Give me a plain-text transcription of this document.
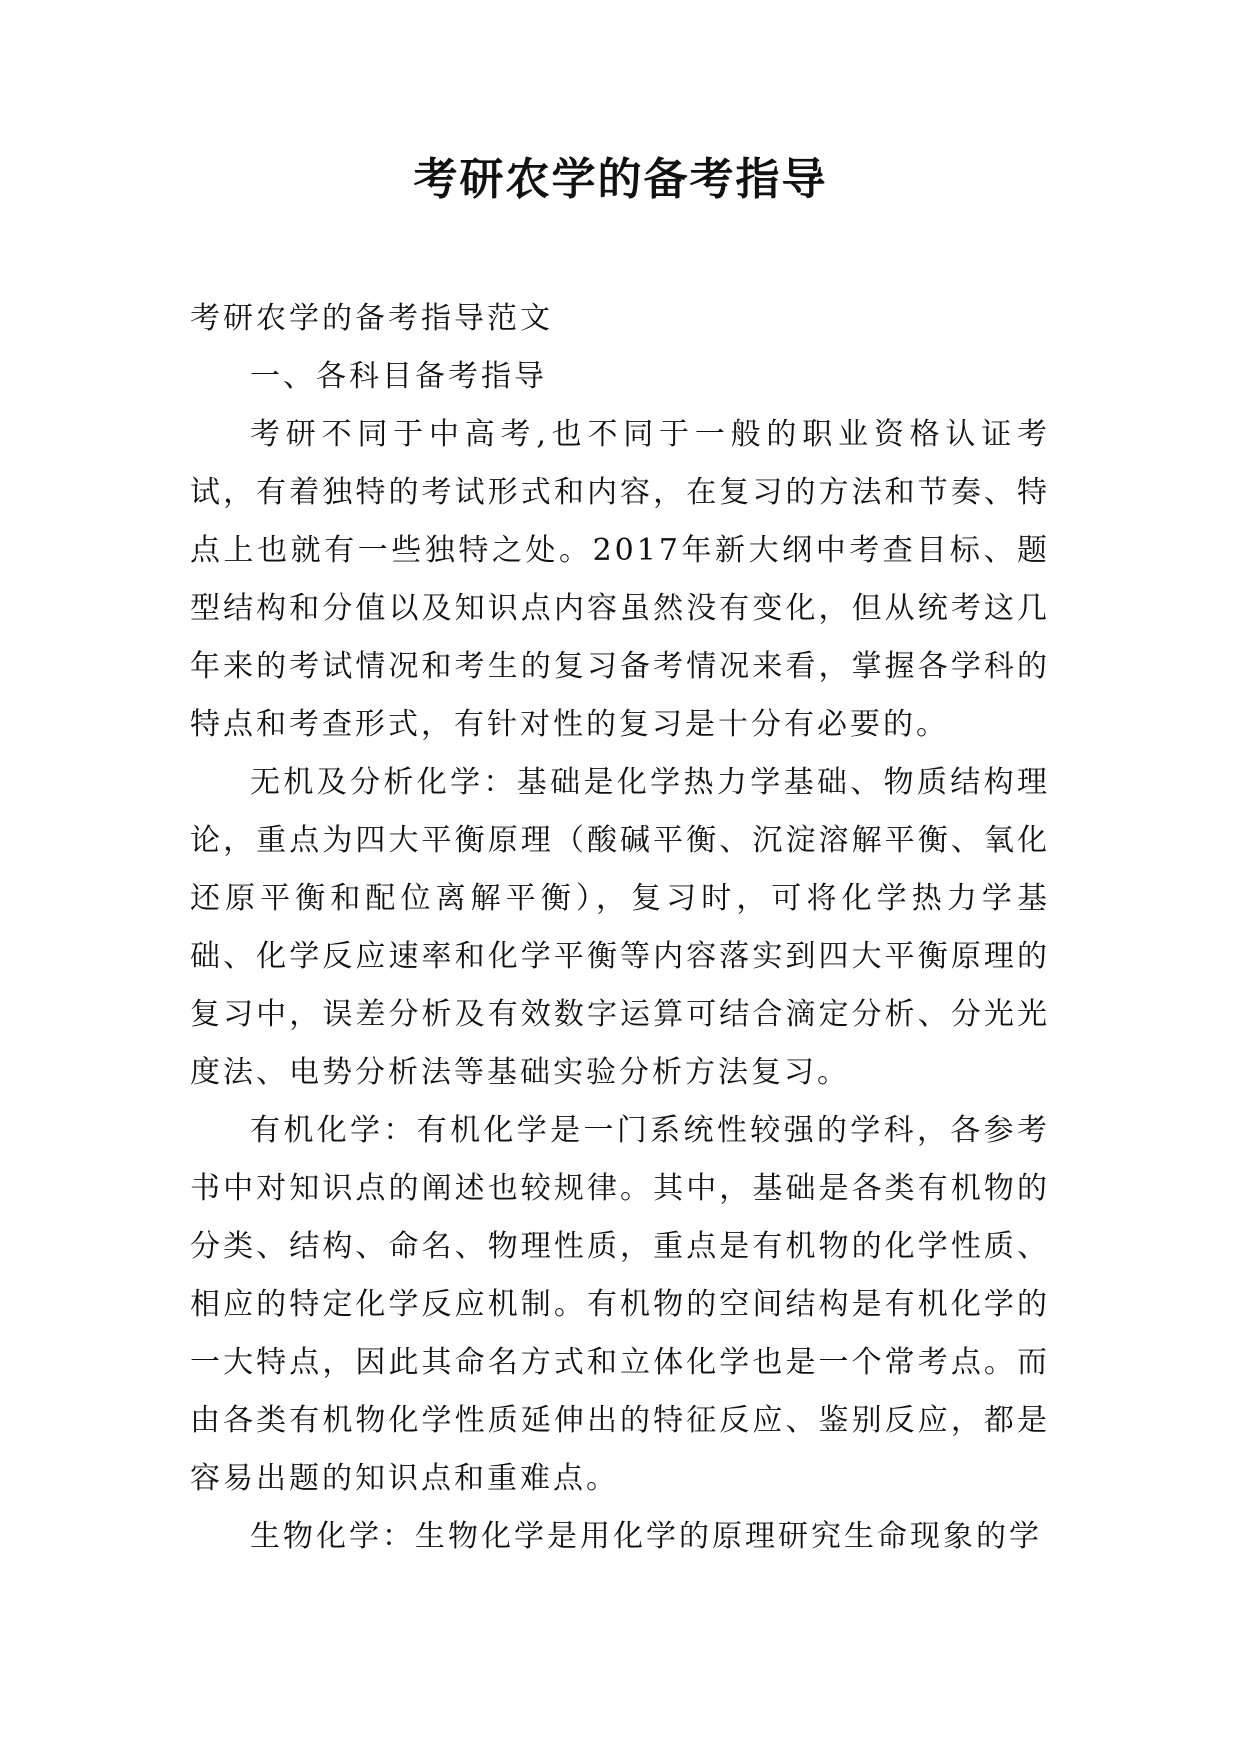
考研农学的备考指导

考研农学的备考指导范文

一、各科目备考指导

考研不同于中高考,也不同于一般的职业资格认证考试，有着独特的考试形式和内容，在复习的方法和节奏、特点上也就有一些独特之处。2017年新大纲中考查目标、题型结构和分值以及知识点内容虽然没有变化，但从统考这几年来的考试情况和考生的复习备考情况来看，掌握各学科的特点和考查形式，有针对性的复习是十分有必要的。

无机及分析化学：基础是化学热力学基础、物质结构理论，重点为四大平衡原理（酸碱平衡、沉淀溶解平衡、氧化还原平衡和配位离解平衡），复习时，可将化学热力学基础、化学反应速率和化学平衡等内容落实到四大平衡原理的复习中，误差分析及有效数字运算可结合滴定分析、分光光度法、电势分析法等基础实验分析方法复习。

有机化学：有机化学是一门系统性较强的学科，各参考书中对知识点的阐述也较规律。其中，基础是各类有机物的分类、结构、命名、物理性质，重点是有机物的化学性质、相应的特定化学反应机制。有机物的空间结构是有机化学的一大特点，因此其命名方式和立体化学也是一个常考点。而由各类有机物化学性质延伸出的特征反应、鉴别反应，都是容易出题的知识点和重难点。

生物化学：生物化学是用化学的原理研究生命现象的学
